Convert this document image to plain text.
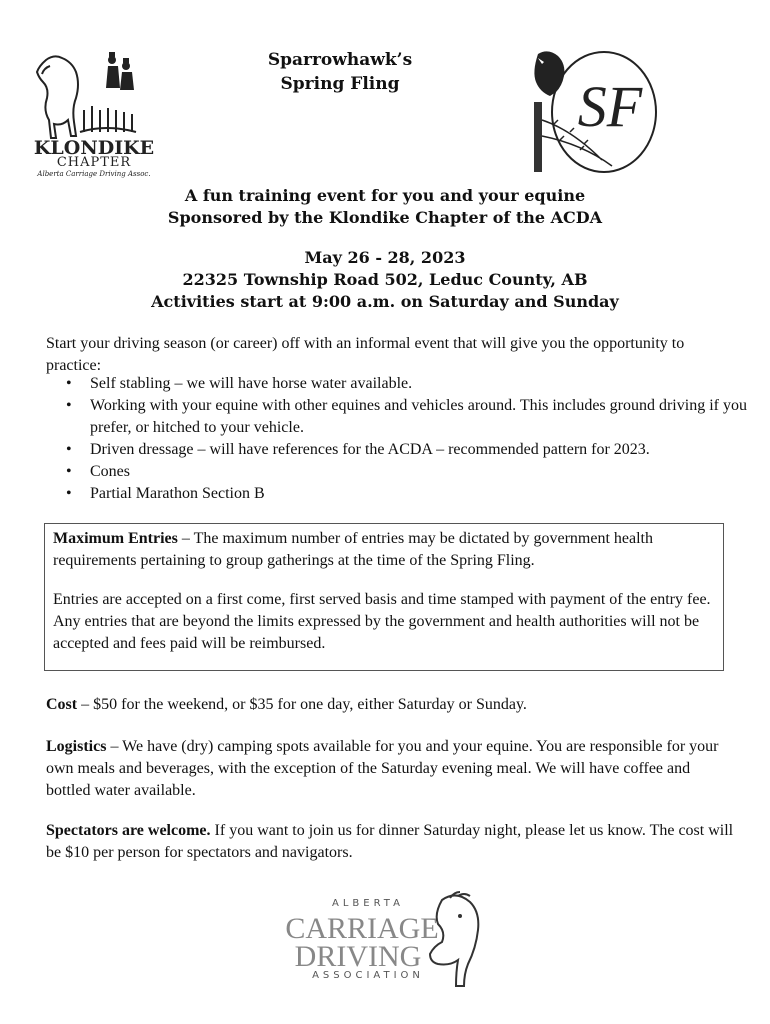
KLONDIKE
CHAPTER
Alberta Carriage Driving Assoc.
Sparrowhawk’s
Spring Fling	SF
A fun training event for you and your equine
Sponsored by the Klondike Chapter of the ACDA
May 26 - 28, 2023
22325 Township Road 502, Leduc County, AB
Activities start at 9:00 a.m. on Saturday and Sunday
Start your driving season (or career) off with an informal event that will give you the opportunity to practice:
• Self stabling – we will have horse water available.
• Working with your equine with other equines and vehicles around. This includes ground driving if you prefer, or hitched to your vehicle.
• Driven dressage – will have references for the ACDA – recommended pattern for 2023.
• Cones
• Partial Marathon Section B

Maximum Entries – The maximum number of entries may be dictated by government health requirements pertaining to group gatherings at the time of the Spring Fling.

Entries are accepted on a first come, first served basis and time stamped with payment of the entry fee. Any entries that are beyond the limits expressed by the government and health authorities will not be accepted and fees paid will be reimbursed.

Cost – $50 for the weekend, or $35 for one day, either Saturday or Sunday.
Logistics – We have (dry) camping spots available for you and your equine. You are responsible for your own meals and beverages, with the exception of the Saturday evening meal. We will have coffee and bottled water available.
Spectators are welcome. If you want to join us for dinner Saturday night, please let us know. The cost will be $10 per person for spectators and navigators.
ALBERTA
CARRIAGE
DRIVING
ASSOCIATION
